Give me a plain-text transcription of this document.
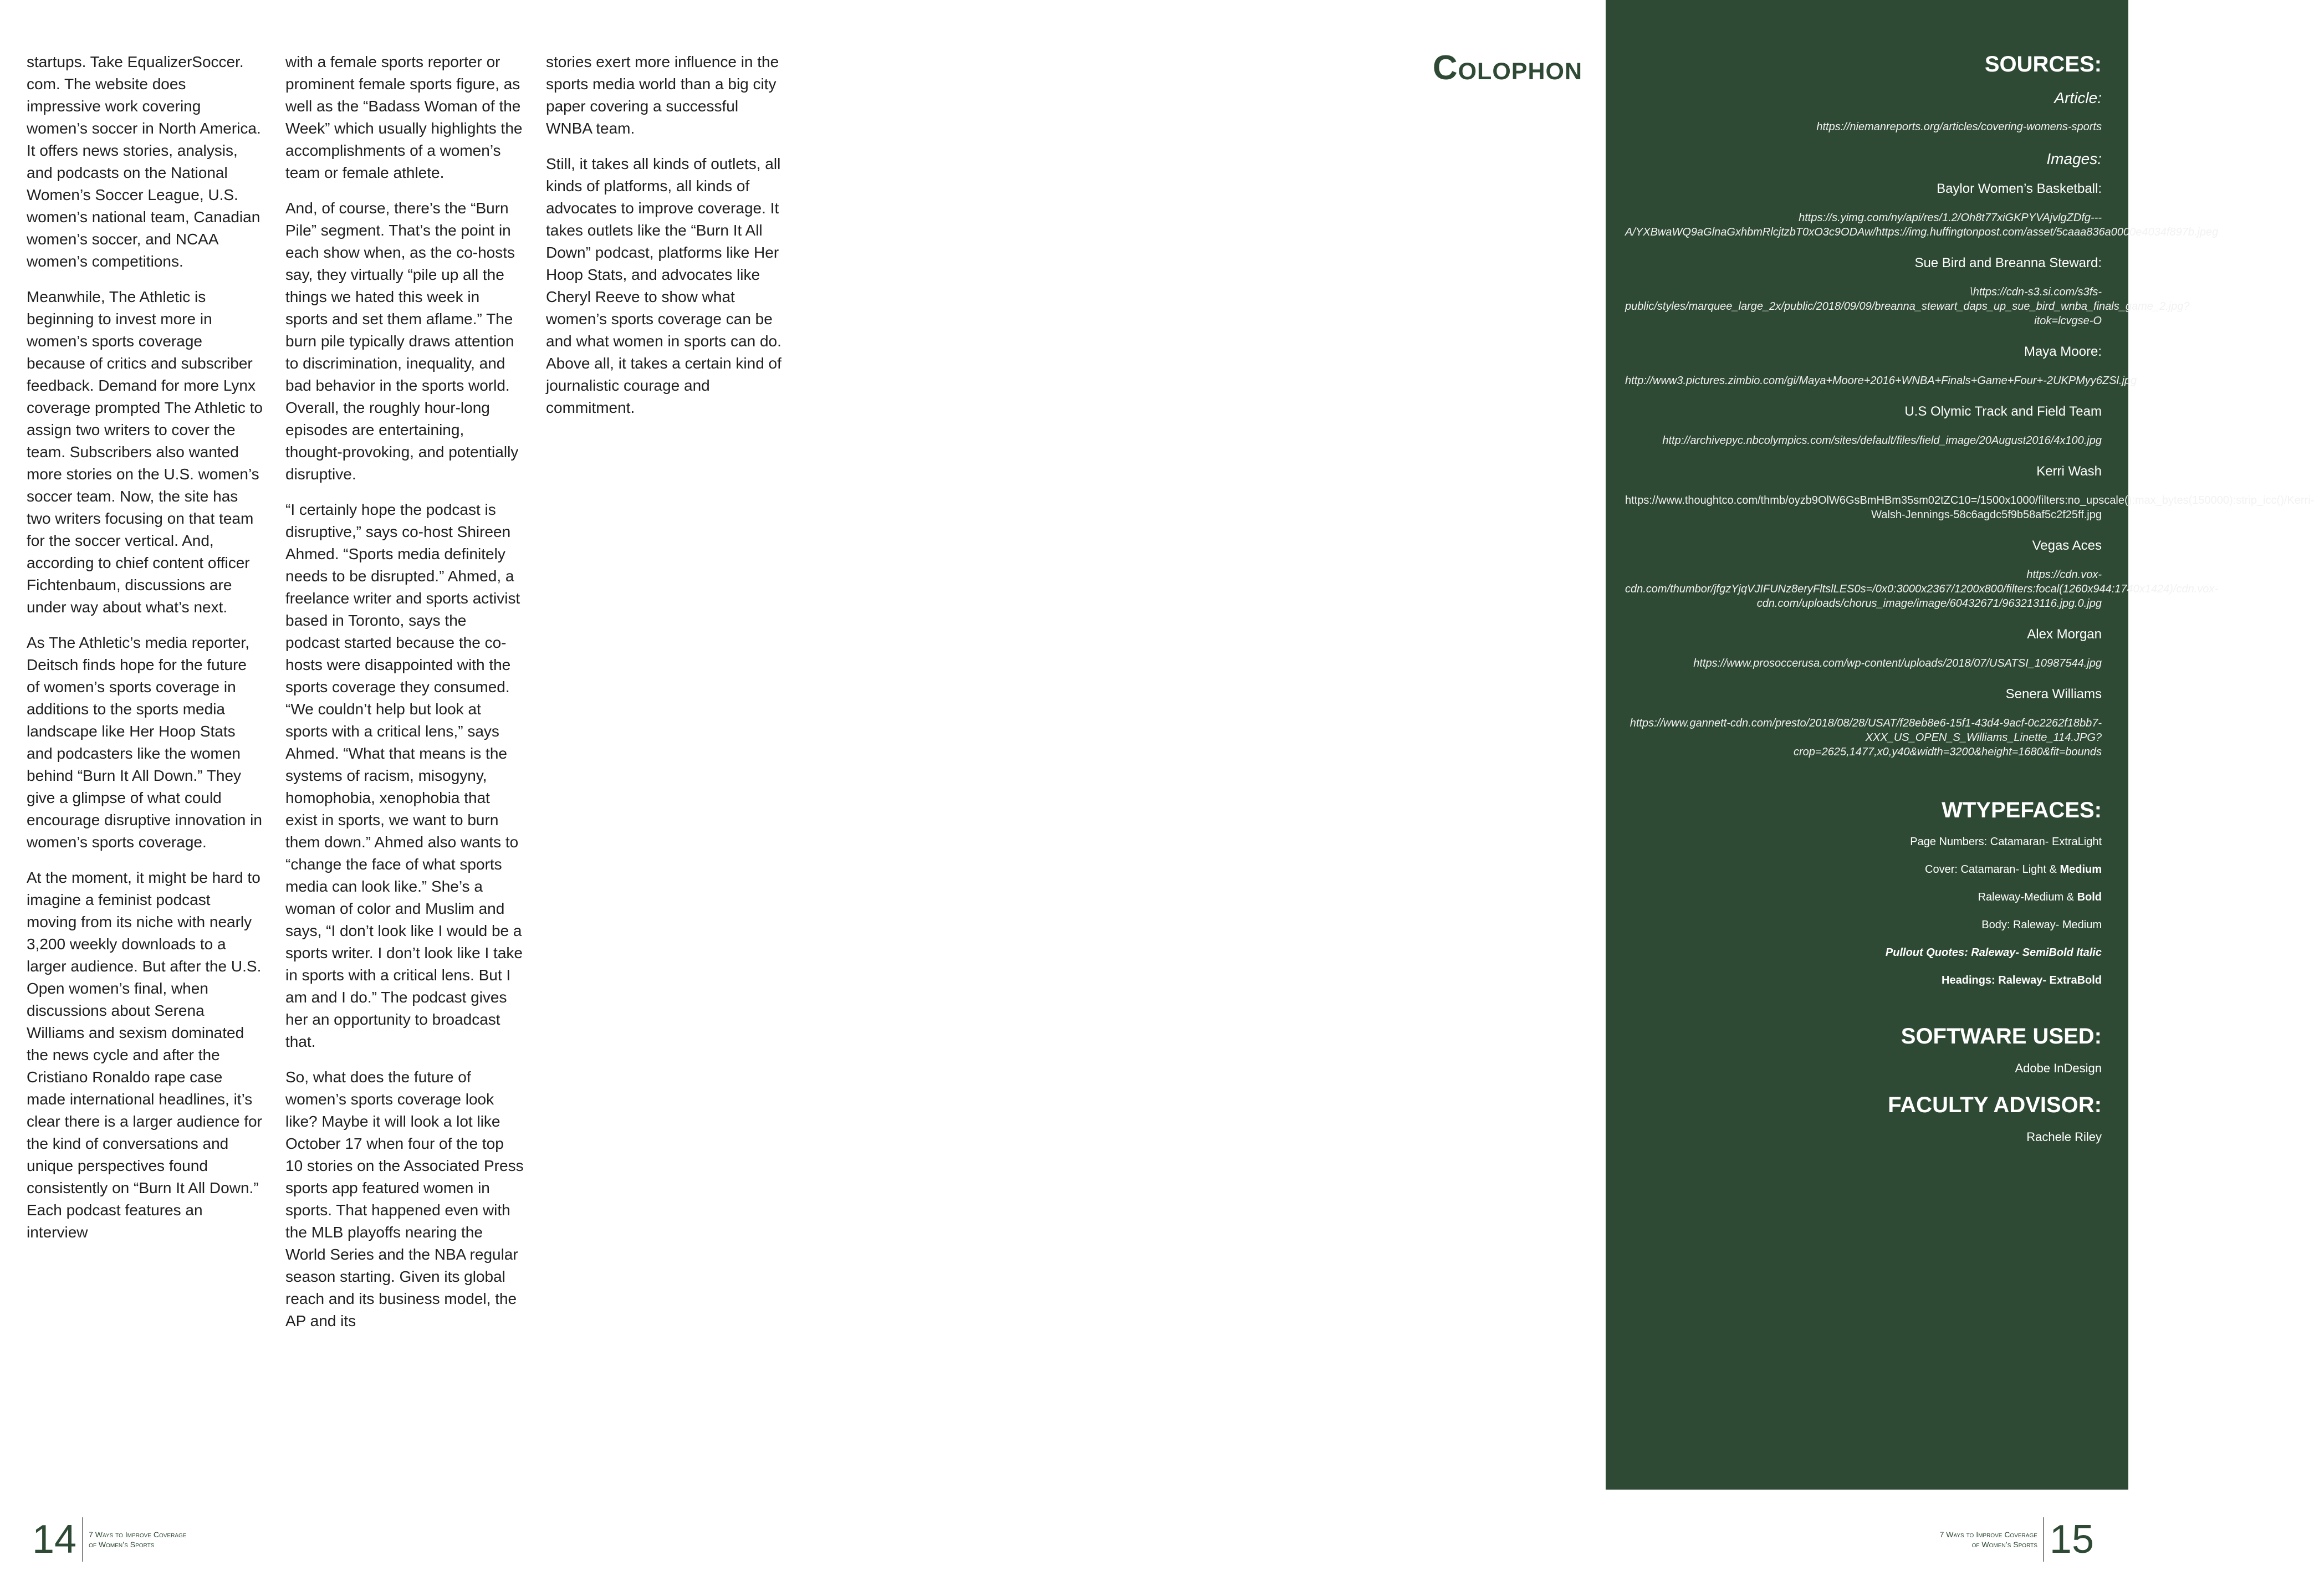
startups. Take EqualizerSoccer. com. The website does impressive work covering women’s soccer in North America. It offers news stories, analysis, and podcasts on the National Women’s Soccer League, U.S. women’s national team, Canadian women’s soccer, and NCAA women’s competitions.

Meanwhile, The Athletic is beginning to invest more in women’s sports coverage because of critics and subscriber feedback. Demand for more Lynx coverage prompted The Athletic to assign two writers to cover the team. Subscribers also wanted more stories on the U.S. women’s soccer team. Now, the site has two writers focusing on that team for the soccer vertical. And, according to chief content officer Fichtenbaum, discussions are under way about what’s next.

As The Athletic’s media reporter, Deitsch finds hope for the future of women’s sports coverage in additions to the sports media landscape like Her Hoop Stats and podcasters like the women behind “Burn It All Down.” They give a glimpse of what could encourage disruptive innovation in women’s sports coverage.

At the moment, it might be hard to imagine a feminist podcast moving from its niche with nearly 3,200 weekly downloads to a larger audience. But after the U.S. Open women’s final, when discussions about Serena Williams and sexism dominated the news cycle and after the Cristiano Ronaldo rape case made international headlines, it’s clear there is a larger audience for the kind of conversations and unique perspectives found consistently on “Burn It All Down.” Each podcast features an interview

with a female sports reporter or prominent female sports figure, as well as the “Badass Woman of the Week” which usually highlights the accomplishments of a women’s team or female athlete.

And, of course, there’s the “Burn Pile” segment. That’s the point in each show when, as the co-hosts say, they virtually “pile up all the things we hated this week in sports and set them aflame.” The burn pile typically draws attention to discrimination, inequality, and bad behavior in the sports world. Overall, the roughly hour-long episodes are entertaining, thought-provoking, and potentially disruptive.

“I certainly hope the podcast is disruptive,” says co-host Shireen Ahmed. “Sports media definitely needs to be disrupted.” Ahmed, a freelance writer and sports activist based in Toronto, says the podcast started because the co-hosts were disappointed with the sports coverage they consumed. “We couldn’t help but look at sports with a critical lens,” says Ahmed. “What that means is the systems of racism, misogyny, homophobia, xenophobia that exist in sports, we want to burn them down.” Ahmed also wants to “change the face of what sports media can look like.” She’s a woman of color and Muslim and says, “I don’t look like I would be a sports writer. I don’t look like I take in sports with a critical lens. But I am and I do.” The podcast gives her an opportunity to broadcast that.

So, what does the future of women’s sports coverage look like? Maybe it will look a lot like October 17 when four of the top 10 stories on the Associated Press sports app featured women in sports. That happened even with the MLB playoffs nearing the World Series and the NBA regular season starting. Given its global reach and its business model, the AP and its

stories exert more influence in the sports media world than a big city paper covering a successful WNBA team.

Still, it takes all kinds of outlets, all kinds of platforms, all kinds of advocates to improve coverage. It takes outlets like the “Burn It All Down” podcast, platforms like Her Hoop Stats, and advocates like Cheryl Reeve to show what women’s sports coverage can be and what women in sports can do. Above all, it takes a certain kind of journalistic courage and commitment.

14 7 Ways to Improve Coverage
of Women’s Sports
Colophon	SOURCES:
Article:
https://niemanreports.org/articles/covering-womens-sports
Images:
Baylor Women’s Basketball:
https://s.yimg.com/ny/api/res/1.2/Oh8t77xiGKPYVAjvlgZDfg---A/YXBwaWQ9aGlnaGxhbmRlcjtzbT0xO3c9ODAw/https://img.huffingtonpost.com/asset/5caaa836a0000e4034f897b.jpeg
Sue Bird and Breanna Steward:
\https://cdn-s3.si.com/s3fs-public/styles/marquee_large_2x/public/2018/09/09/breanna_stewart_daps_up_sue_bird_wnba_finals_game_2.jpg?itok=lcvgse-O
Maya Moore:
http://www3.pictures.zimbio.com/gi/Maya+Moore+2016+WNBA+Finals+Game+Four+-2UKPMyy6ZSl.jpg
U.S Olymic Track and Field Team
http://archivepyc.nbcolympics.com/sites/default/files/field_image/20August2016/4x100.jpg
Kerri Wash
https://www.thoughtco.com/thmb/oyzb9OlW6GsBmHBm35sm02tZC10=/1500x1000/filters:no_upscale():max_bytes(150000):strip_icc()/Kerri-Walsh-Jennings-58c6agdc5f9b58af5c2f25ff.jpg
Vegas Aces
https://cdn.vox-cdn.com/thumbor/jfgzYjqVJIFUNz8eryFltslLES0s=/0x0:3000x2367/1200x800/filters:focal(1260x944:1740x1424)/cdn.vox-cdn.com/uploads/chorus_image/image/60432671/963213116.jpg.0.jpg
Alex Morgan
https://www.prosoccerusa.com/wp-content/uploads/2018/07/USATSI_10987544.jpg
Senera Williams
https://www.gannett-cdn.com/presto/2018/08/28/USAT/f28eb8e6-15f1-43d4-9acf-0c2262f18bb7-XXX_US_OPEN_S_Williams_Linette_114.JPG?crop=2625,1477,x0,y40&width=3200&height=1680&fit=bounds
WTYPEFACES:
Page Numbers: Catamaran- ExtraLight
Cover: Catamaran- Light & Medium
Raleway-Medium & Bold
Body: Raleway- Medium
Pullout Quotes: Raleway- SemiBold Italic
Headings: Raleway- ExtraBold
SOFTWARE USED:
Adobe InDesign
FACULTY ADVISOR:
Rachele Riley
7 Ways to Improve Coverage
of Women’s Sports 15
